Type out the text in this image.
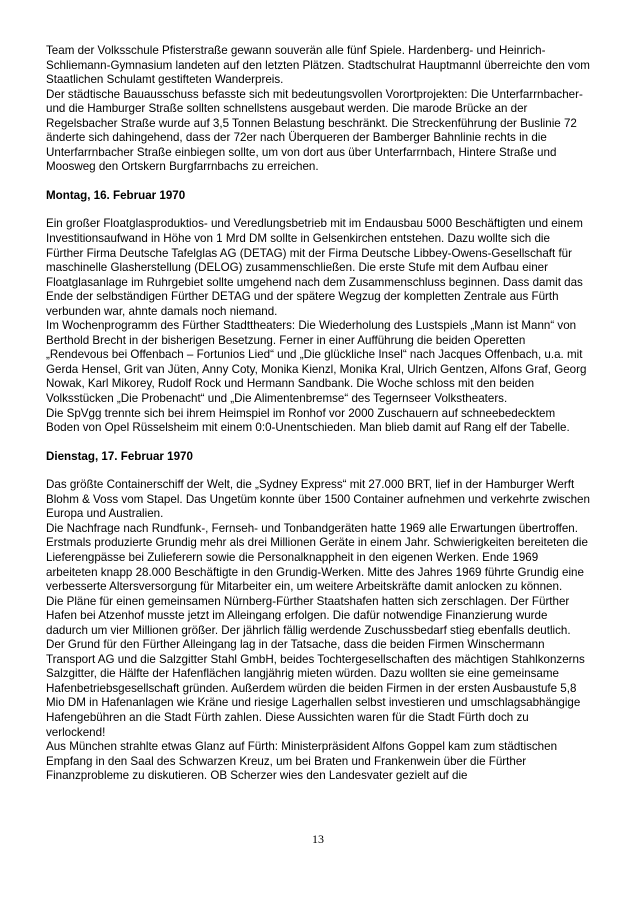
Team der Volksschule Pfisterstraße gewann souverän alle fünf Spiele. Hardenberg- und Heinrich-Schliemann-Gymnasium landeten auf den letzten Plätzen. Stadtschulrat Hauptmannl überreichte den vom Staatlichen Schulamt gestifteten Wanderpreis.

Der städtische Bauausschuss befasste sich mit bedeutungsvollen Vorortprojekten: Die Unterfarrnbacher- und die Hamburger Straße sollten schnellstens ausgebaut werden. Die marode Brücke an der Regelsbacher Straße wurde auf 3,5 Tonnen Belastung beschränkt. Die Streckenführung der Buslinie 72 änderte sich dahingehend, dass der 72er nach Überqueren der Bamberger Bahnlinie rechts in die Unterfarrnbacher Straße einbiegen sollte, um von dort aus über Unterfarrnbach, Hintere Straße und Moosweg den Ortskern Burgfarrnbachs zu erreichen.

Montag, 16. Februar 1970

Ein großer Floatglasproduktios- und Veredlungsbetrieb mit im Endausbau 5000 Beschäftigten und einem Investitionsaufwand in Höhe von 1 Mrd DM sollte in Gelsenkirchen entstehen. Dazu wollte sich die Fürther Firma Deutsche Tafelglas AG (DETAG) mit der Firma Deutsche Libbey-Owens-Gesellschaft für maschinelle Glasherstellung (DELOG) zusammenschließen. Die erste Stufe mit dem Aufbau einer Floatglasanlage im Ruhrgebiet sollte umgehend nach dem Zusammenschluss beginnen. Dass damit das Ende der selbständigen Fürther DETAG und der spätere Wegzug der kompletten Zentrale aus Fürth verbunden war, ahnte damals noch niemand.

Im Wochenprogramm des Fürther Stadttheaters: Die Wiederholung des Lustspiels „Mann ist Mann“ von Berthold Brecht in der bisherigen Besetzung. Ferner in einer Aufführung die beiden Operetten „Rendevous bei Offenbach – Fortunios Lied“ und „Die glückliche Insel“ nach Jacques Offenbach, u.a. mit Gerda Hensel, Grit van Jüten, Anny Coty, Monika Kienzl, Monika Kral, Ulrich Gentzen, Alfons Graf, Georg Nowak, Karl Mikorey, Rudolf Rock und Hermann Sandbank. Die Woche schloss mit den beiden Volksstücken „Die Probenacht“ und „Die Alimentenbremse“ des Tegernseer Volkstheaters.

Die SpVgg trennte sich bei ihrem Heimspiel im Ronhof vor 2000 Zuschauern auf schneebedecktem Boden von Opel Rüsselsheim mit einem 0:0-Unentschieden. Man blieb damit auf Rang elf der Tabelle.

Dienstag, 17. Februar 1970

Das größte Containerschiff der Welt, die „Sydney Express“ mit 27.000 BRT, lief in der Hamburger Werft Blohm & Voss vom Stapel. Das Ungetüm konnte über 1500 Container aufnehmen und verkehrte zwischen Europa und Australien.

Die Nachfrage nach Rundfunk-, Fernseh- und Tonbandgeräten hatte 1969 alle Erwartungen übertroffen. Erstmals produzierte Grundig mehr als drei Millionen Geräte in einem Jahr. Schwierigkeiten bereiteten die Lieferengpässe bei Zulieferern sowie die Personalknappheit in den eigenen Werken. Ende 1969 arbeiteten knapp 28.000 Beschäftigte in den Grundig-Werken. Mitte des Jahres 1969 führte Grundig eine verbesserte Altersversorgung für Mitarbeiter ein, um weitere Arbeitskräfte damit anlocken zu können.

Die Pläne für einen gemeinsamen Nürnberg-Fürther Staatshafen hatten sich zerschlagen. Der Fürther Hafen bei Atzenhof musste jetzt im Alleingang erfolgen. Die dafür notwendige Finanzierung wurde dadurch um vier Millionen größer. Der jährlich fällig werdende Zuschussbedarf stieg ebenfalls deutlich. Der Grund für den Fürther Alleingang lag in der Tatsache, dass die beiden Firmen Winschermann Transport AG und die Salzgitter Stahl GmbH, beides Tochtergesellschaften des mächtigen Stahlkonzerns Salzgitter, die Hälfte der Hafenflächen langjährig mieten würden. Dazu wollten sie eine gemeinsame Hafenbetriebsgesellschaft gründen. Außerdem würden die beiden Firmen in der ersten Ausbaustufe 5,8 Mio DM in Hafenanlagen wie Kräne und riesige Lagerhallen selbst investieren und umschlagsabhängige Hafengebühren an die Stadt Fürth zahlen. Diese Aussichten waren für die Stadt Fürth doch zu verlockend!

Aus München strahlte etwas Glanz auf Fürth: Ministerpräsident Alfons Goppel kam zum städtischen Empfang in den Saal des Schwarzen Kreuz, um bei Braten und Frankenwein über die Fürther Finanzprobleme zu diskutieren. OB Scherzer wies den Landesvater gezielt auf die

13
